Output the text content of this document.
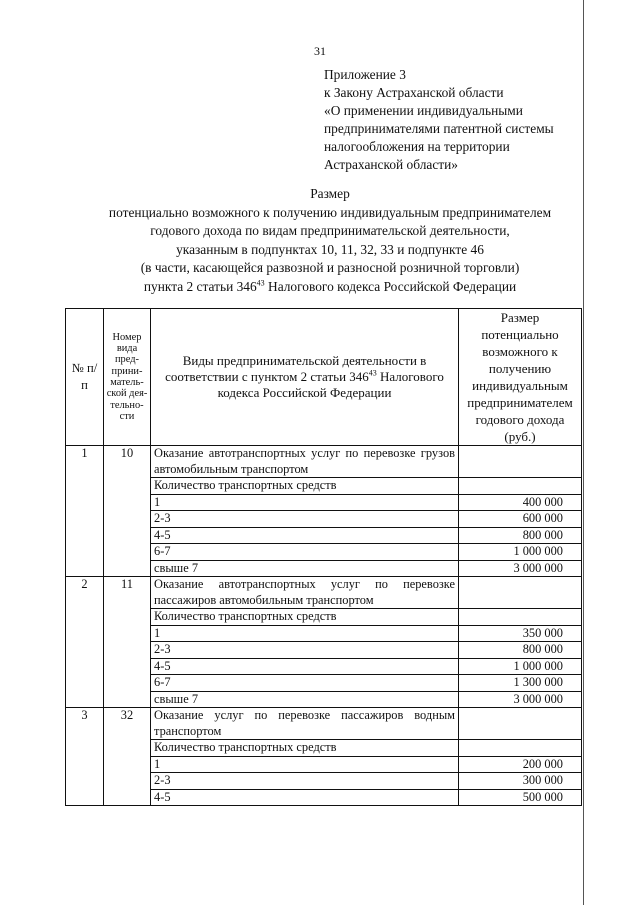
31
Приложение 3
к Закону Астраханской области
«О применении индивидуальными
предпринимателями патентной системы
налогообложения на территории
Астраханской области»
Размер
потенциально возможного к получению индивидуальным предпринимателем
годового дохода по видам предпринимательской деятельности,
указанным в подпунктах 10, 11, 32, 33 и подпункте 46
(в части, касающейся развозной и разносной розничной торговли)
пункта 2 статьи $346^{43}$ Налогового кодекса Российской Федерации
№ п/п	Номер вида пред-прини-матель-ской дея-тельно-сти	Виды предпринимательской деятельности в соответствии с пунктом 2 статьи $346^{43}$ Налогового кодекса Российской Федерации	Размер потенциально возможного к получению индивидуальным предпринимателем годового дохода (руб.)
1	10	Оказание автотранспортных услуг по перевозке грузов автомобильным транспортом	
		Количество транспортных средств	
		1	400 000
		2-3	600 000
		4-5	800 000
		6-7	1 000 000
		свыше 7	3 000 000
2	11	Оказание автотранспортных услуг по перевозке пассажиров автомобильным транспортом	
		Количество транспортных средств	
		1	350 000
		2-3	800 000
		4-5	1 000 000
		6-7	1 300 000
		свыше 7	3 000 000
3	32	Оказание услуг по перевозке пассажиров водным транспортом	
		Количество транспортных средств	
		1	200 000
		2-3	300 000
		4-5	500 000
